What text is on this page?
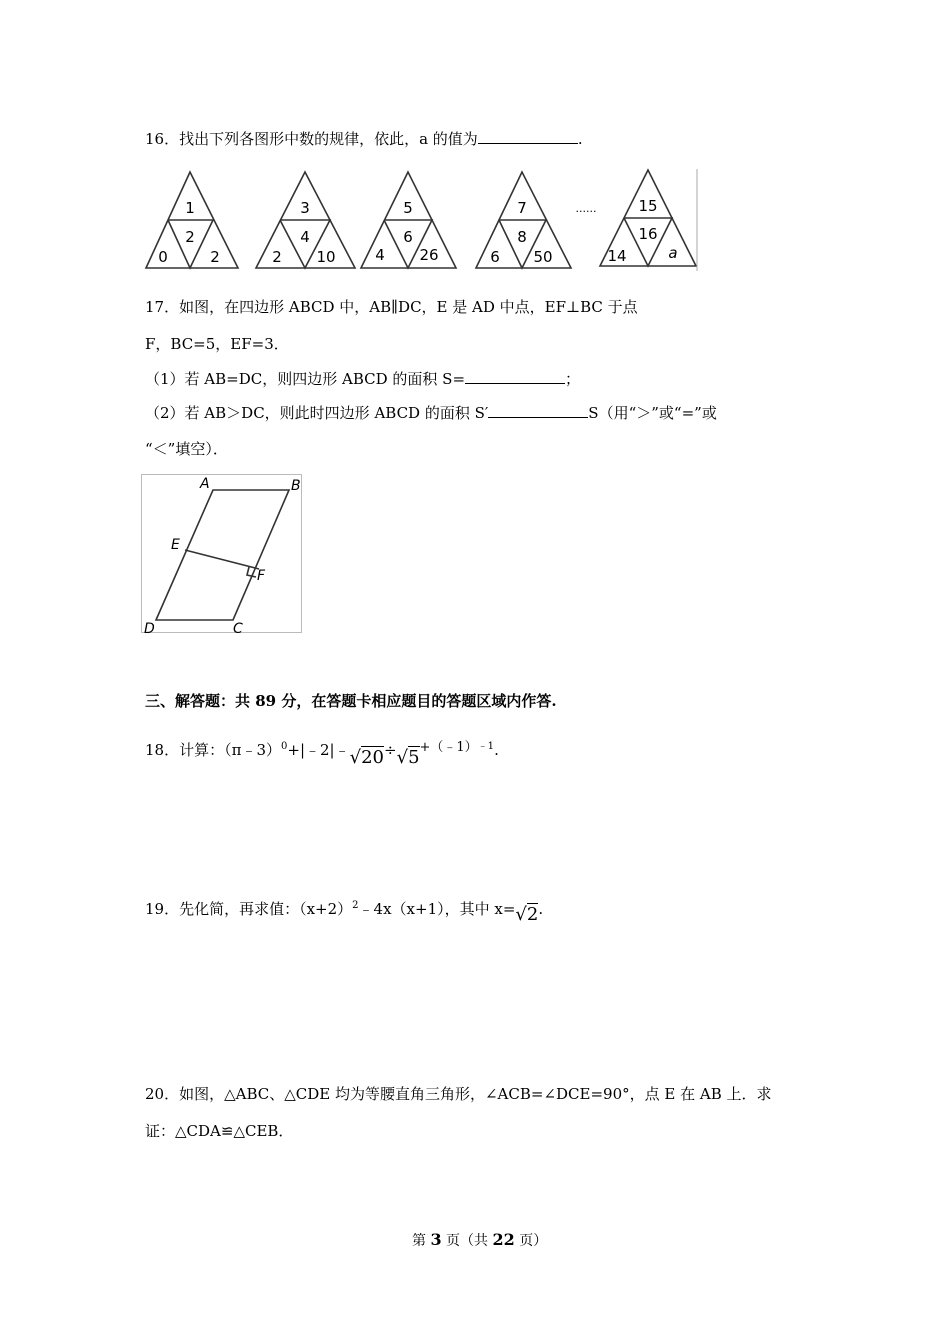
16．找出下列各图形中数的规律，依此，a 的值为	.
1
2
0	2
3
4
2 10
5
6
4 26
7
8
6 50
......	15
16
14	a
17．如图，在四边形 ABCD 中，AB∥DC，E 是 AD 中点，EF⊥BC 于点
F，BC=5，EF=3．
（1）若 AB=DC，则四边形 ABCD 的面积 S=	；
（2）若 AB＞DC，则此时四边形 ABCD 的面积 S′	S（用“＞”或“=”或
“＜”填空）．
A	B
C
D
E
F
三、解答题：共 89 分，在答题卡相应题目的答题区域内作答.
18．计算：$(\pi﹣3)^0+|﹣2|﹣√20\div√5^{+(﹣1)﹣1}$.
19．先化简，再求值：$(x+2)^2﹣4x(x+1)$，其中 x=√2.
20．如图，△ABC、△CDE 均为等腰直角三角形，∠ACB=∠DCE=90°，点 E 在 AB 上．求
证：△CDA≌△CEB．
第 3 页（共 22 页）
